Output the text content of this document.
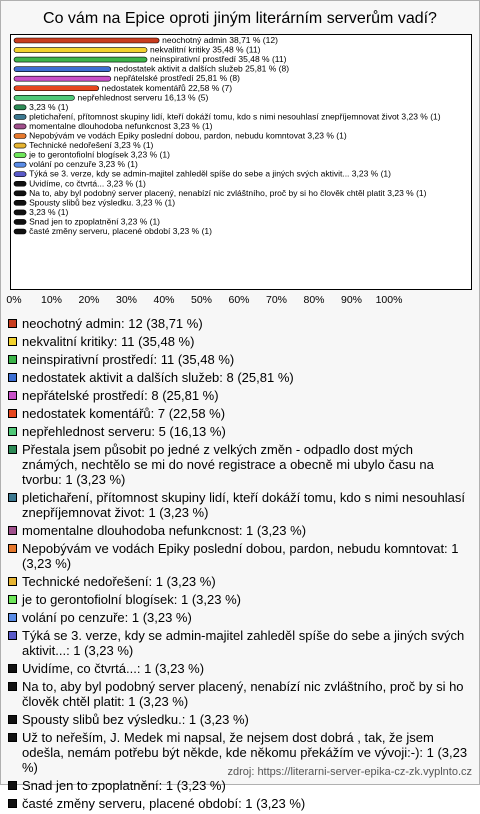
Co vám na Epice oproti jiným literárním serverům vadí?
neochotný admin 38,71 % (12)
nekvalitní kritiky 35,48 % (11)
neinspirativní prostředí 35,48 % (11)
nedostatek aktivit a dalších služeb 25,81 % (8)
nepřátelské prostředí 25,81 % (8)
nedostatek komentářů 22,58 % (7)
nepřehlednost serveru 16,13 % (5)
3,23 % (1)
pletichaření, přítomnost skupiny lidí, kteří dokáží tomu, kdo s nimi nesouhlasí znepříjemnovat život 3,23 % (1)
momentalne dlouhodoba nefunkcnost 3,23 % (1)
Nepobývám ve vodách Epiky poslední dobou, pardon, nebudu komntovat 3,23 % (1)
Technické nedořešení 3,23 % (1)
je to gerontofiolní blogísek 3,23 % (1)
volání po cenzuře 3,23 % (1)
Týká se 3. verze, kdy se admin-majitel zahleděl spíše do sebe a jiných svých aktivit... 3,23 % (1)
Uvidíme, co čtvrtá... 3,23 % (1)
Na to, aby byl podobný server placený, nenabízí nic zvláštního, proč by si ho člověk chtěl platit 3,23 % (1)
Spousty slibů bez výsledku. 3,23 % (1)
3,23 % (1)
Snad jen to zpoplatnění 3,23 % (1)
časté změny serveru, placené období 3,23 % (1)
0% 10% 20% 30% 40% 50% 60% 70% 80% 90% 100%
neochotný admin: 12 (38,71 %)
nekvalitní kritiky: 11 (35,48 %)
neinspirativní prostředí: 11 (35,48 %)
nedostatek aktivit a dalších služeb: 8 (25,81 %)
nepřátelské prostředí: 8 (25,81 %)
nedostatek komentářů: 7 (22,58 %)
nepřehlednost serveru: 5 (16,13 %)
Přestala jsem působit po jedné z velkých změn - odpadlo dost mých známých, nechtělo se mi do nové registrace a obecně mi ubylo času na tvorbu: 1 (3,23 %)
pletichaření, přítomnost skupiny lidí, kteří dokáží tomu, kdo s nimi nesouhlasí znepříjemnovat život: 1 (3,23 %)
momentalne dlouhodoba nefunkcnost: 1 (3,23 %)
Nepobývám ve vodách Epiky poslední dobou, pardon, nebudu komntovat: 1 (3,23 %)
Technické nedořešení: 1 (3,23 %)
je to gerontofiolní blogísek: 1 (3,23 %)
volání po cenzuře: 1 (3,23 %)
Týká se 3. verze, kdy se admin-majitel zahleděl spíše do sebe a jiných svých aktivit...: 1 (3,23 %)
Uvidíme, co čtvrtá...: 1 (3,23 %)
Na to, aby byl podobný server placený, nenabízí nic zvláštního, proč by si ho člověk chtěl platit: 1 (3,23 %)
Spousty slibů bez výsledku.: 1 (3,23 %)
Už to neřeším, J. Medek mi napsal, že nejsem dost dobrá , tak, že jsem odešla, nemám potřebu být někde, kde někomu překážím ve vývoji:-): 1 (3,23 %)
Snad jen to zpoplatnění: 1 (3,23 %)
časté změny serveru, placené období: 1 (3,23 %)
zdroj: https://literarni-server-epika-cz-zk.vyplnto.cz
